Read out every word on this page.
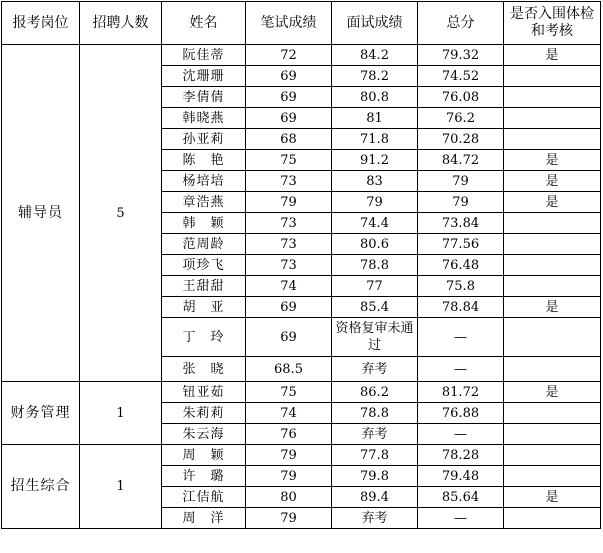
报考岗位	招聘人数	姓名	笔试成绩	面试成绩	总分	是否入围体检和考核
辅导员	5	阮佳蒂	72	84.2	79.32	是
		沈珊珊	69	78.2	74.52	
		李倩倩	69	80.8	76.08	
		韩晓燕	69	81	76.2	
		孙亚莉	68	71.8	70.28	
		陈　艳	75	91.2	84.72	是
		杨培培	73	83	79	是
		章浩燕	79	79	79	是
		韩　颖	73	74.4	73.84	
		范周龄	73	80.6	77.56	
		项珍飞	73	78.8	76.48	
		王甜甜	74	77	75.8	
		胡　亚	69	85.4	78.84	是
		丁　玲	69	资格复审未通过	—	
		张　晓	68.5	弃考	—	
财务管理	1	钮亚茹	75	86.2	81.72	是
		朱莉莉	74	78.8	76.88	
		朱云海	76	弃考	—	
招生综合	1	周　颖	79	77.8	78.28	
		许　璐	79	79.8	79.48	
		江佶航	80	89.4	85.64	是
		周　洋	79	弃考	—	
